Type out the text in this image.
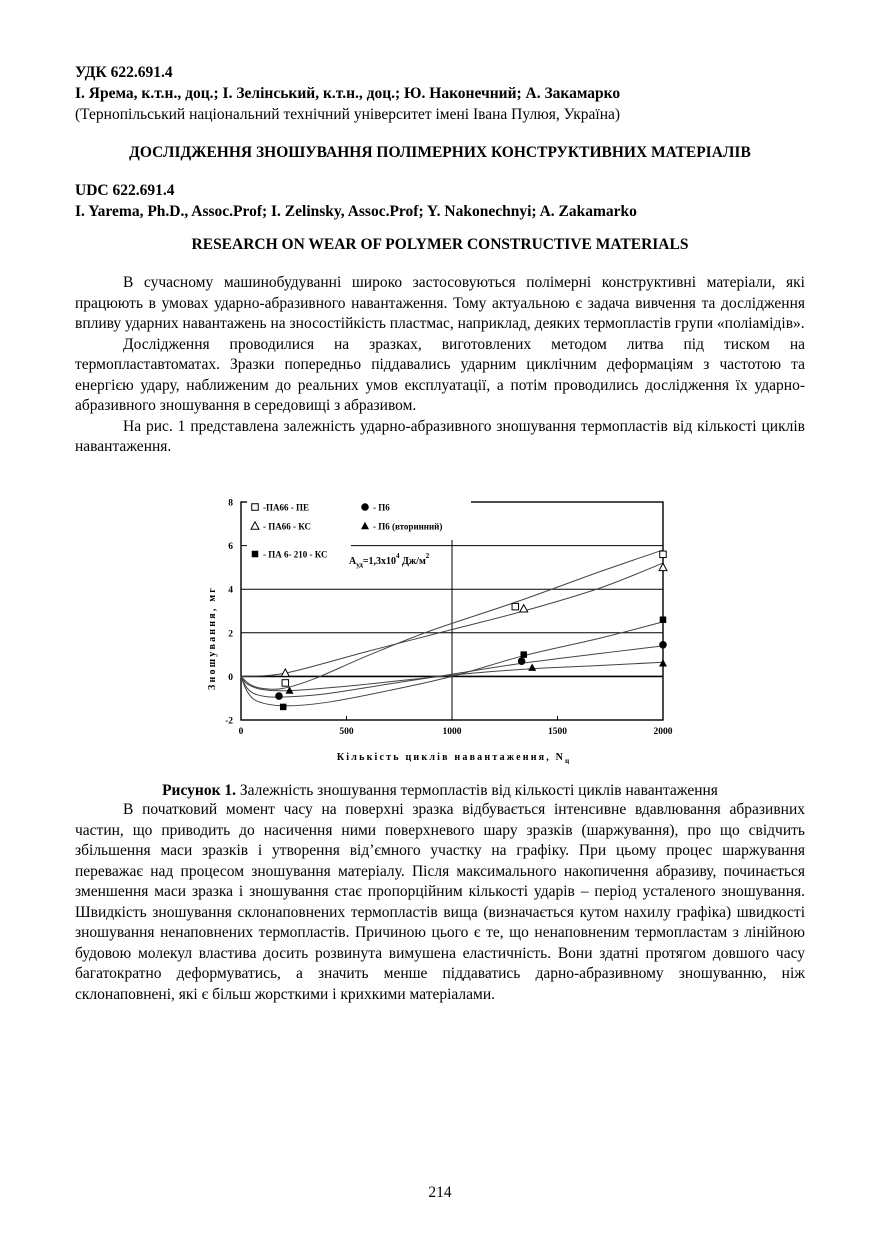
УДК 622.691.4

І. Ярема, к.т.н., доц.; І. Зелінський, к.т.н., доц.; Ю. Наконечний; А. Закамарко

(Тернопільський національний технічний університет імені Івана Пулюя, Україна)

ДОСЛІДЖЕННЯ ЗНОШУВАННЯ ПОЛІМЕРНИХ КОНСТРУКТИВНИХ МАТЕРІАЛІВ

UDC 622.691.4

I. Yarema, Ph.D., Assoc.Prof; I. Zelinsky, Assoc.Prof; Y. Nakonechnyi; A. Zakamarko

RESEARCH ON WEAR OF POLYMER CONSTRUCTIVE MATERIALS

В сучасному машинобудуванні широко застосовуються полімерні конструктивні матеріали, які працюють в умовах ударно-абразивного навантаження. Тому актуальною є задача вивчення та дослідження впливу ударних навантажень на зносостійкість пластмас, наприклад, деяких термопластів групи «поліамідів».

Дослідження проводилися на зразках, виготовлених методом литва під тиском на термопластавтоматах. Зразки попередньо піддавались ударним циклічним деформаціям з частотою та енергією удару, наближеним до реальних умов експлуатації, а потім проводились дослідження їх ударно-абразивного зношування в середовищі з абразивом.

На рис. 1 представлена залежність ударно-абразивного зношування термопластів від кількості циклів навантаження.

-2
0
2
4
6
8
0	500	1000	1500	2000
-ПА66 - ПЕ
- ПА66 - КС
- ПА 6- 210 - КС
- П6
- П6 (вторинний)
$A_{уд}=1,3x10^4$ $Дж/м^2$
Кількість циклів навантаження, $N_ц$
Зношування, мг

Рисунок 1. Залежність зношування термопластів від кількості циклів навантаження

В початковий момент часу на поверхні зразка відбувається інтенсивне вдавлювання абразивних частин, що приводить до насичення ними поверхневого шару зразків (шаржування), про що свідчить збільшення маси зразків і утворення від’ємного участку на графіку. При цьому процес шаржування переважає над процесом зношування матеріалу. Після максимального накопичення абразиву, починається зменшення маси зразка і зношування стає пропорційним кількості ударів – період усталеного зношування. Швидкість зношування склонаповнених термопластів вища (визначається кутом нахилу графіка) швидкості зношування ненаповнених термопластів. Причиною цього є те, що ненаповненим термопластам з лінійною будовою молекул властива досить розвинута вимушена еластичність. Вони здатні протягом довшого часу багатократно деформуватись, а значить менше піддаватись дарно-абразивному зношуванню, ніж склонаповнені, які є більш жорсткими і крихкими матеріалами.

214
